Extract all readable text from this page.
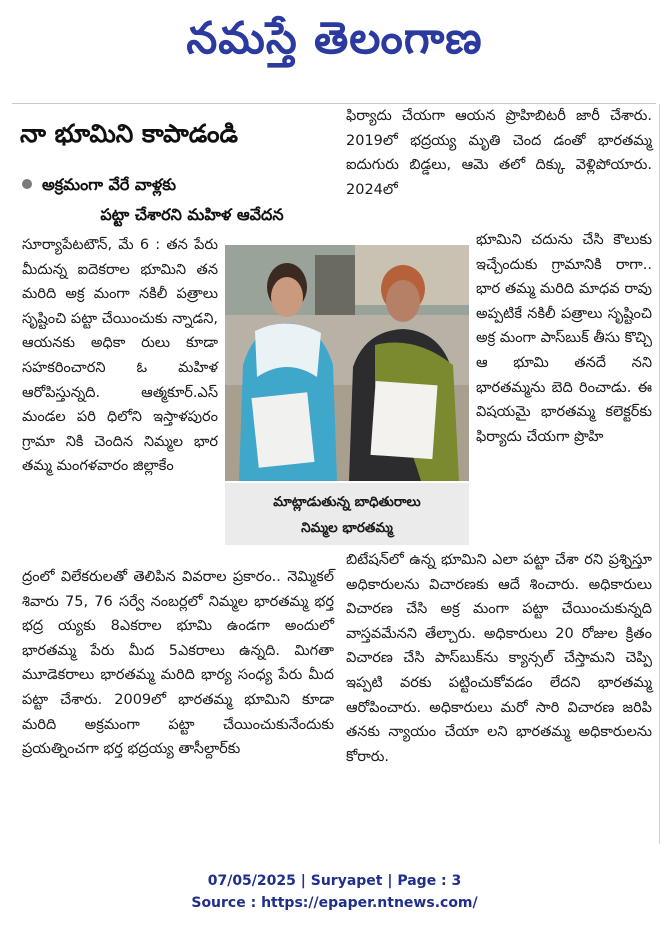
నమస్తే తెలంగాణ
నా భూమిని కాపాడండి
అక్రమంగా వేరే వాళ్లకు
పట్టా చేశారని మహిళ ఆవేదన

సూర్యాపేటటౌన్, మే 6 : తన పేరు మీదున్న ఐదెకరాల భూమిని తన మరిది అక్ర మంగా నకిలీ పత్రాలు సృష్టించి పట్టా చేయించుకు న్నాడని, ఆయనకు అధికా రులు కూడా సహకరించారని ఓ మహిళ ఆరోపిస్తున్నది. ఆత్మకూర్.ఎస్ మండల పరి ధిలోని ఇస్తాళపురం గ్రామా నికి చెందిన నిమ్మల భార తమ్మ మంగళవారం జిల్లాకేం

ద్రంలో విలేకరులతో తెలిపిన వివరాల ప్రకారం.. నెమ్మికల్ శివారు 75, 76 సర్వే నంబర్లలో నిమ్మల భారతమ్మ భర్త భద్ర య్యకు 8ఎకరాల భూమి ఉండగా అందులో భారతమ్మ పేరు మీద 5ఎకరాలు ఉన్నది. మిగతా మూడెకరాలు భారతమ్మ మరిది భార్య సంధ్య పేరు మీద పట్టా చేశారు. 2009లో భారతమ్మ భూమిని కూడా మరిది అక్రమంగా పట్టా చేయించుకునేందుకు ప్రయత్నించగా భర్త భద్రయ్య తాసీల్దార్‌కు

ఫిర్యాదు చేయగా ఆయన ప్రొహిబిటరీ జారీ చేశారు. 2019లో భద్రయ్య మృతి చెంద డంతో భారతమ్మ ఐదుగురు బిడ్డలు, ఆమె తలో దిక్కు వెళ్లిపోయారు. 2024లో

భూమిని చదును చేసి కౌలుకు ఇచ్చేందుకు గ్రామానికి రాగా.. భార తమ్మ మరిది మాధవ రావు అప్పటికే నకిలీ పత్రాలు సృష్టించి అక్ర మంగా పాస్‌బుక్ తీసు కొచ్చి ఆ భూమి తనదే నని భారతమ్మను బెది రించాడు. ఈ విషయమై భారతమ్మ కలెక్టర్‌కు ఫిర్యాదు చేయగా ప్రొహి

బిటేషన్‌లో ఉన్న భూమిని ఎలా పట్టా చేశా రని ప్రశ్నిస్తూ అధికారులను విచారణకు ఆదే శించారు. అధికారులు విచారణ చేసి అక్ర మంగా పట్టా చేయించుకున్నది వాస్తవమేనని తేల్చారు. అధికారులు 20 రోజుల క్రితం విచారణ చేసి పాస్‌బుక్‌ను క్యాన్సల్ చేస్తామని చెప్పి ఇప్పటి వరకు పట్టించుకోవడం లేదని భారతమ్మ ఆరోపించారు. అధికారులు మరో సారి విచారణ జరిపి తనకు న్యాయం చేయా లని భారతమ్మ అధికారులను కోరారు.

మాట్లాడుతున్న బాధితురాలు
నిమ్మల భారతమ్మ
07/05/2025 | Suryapet | Page : 3
Source : https://epaper.ntnews.com/
